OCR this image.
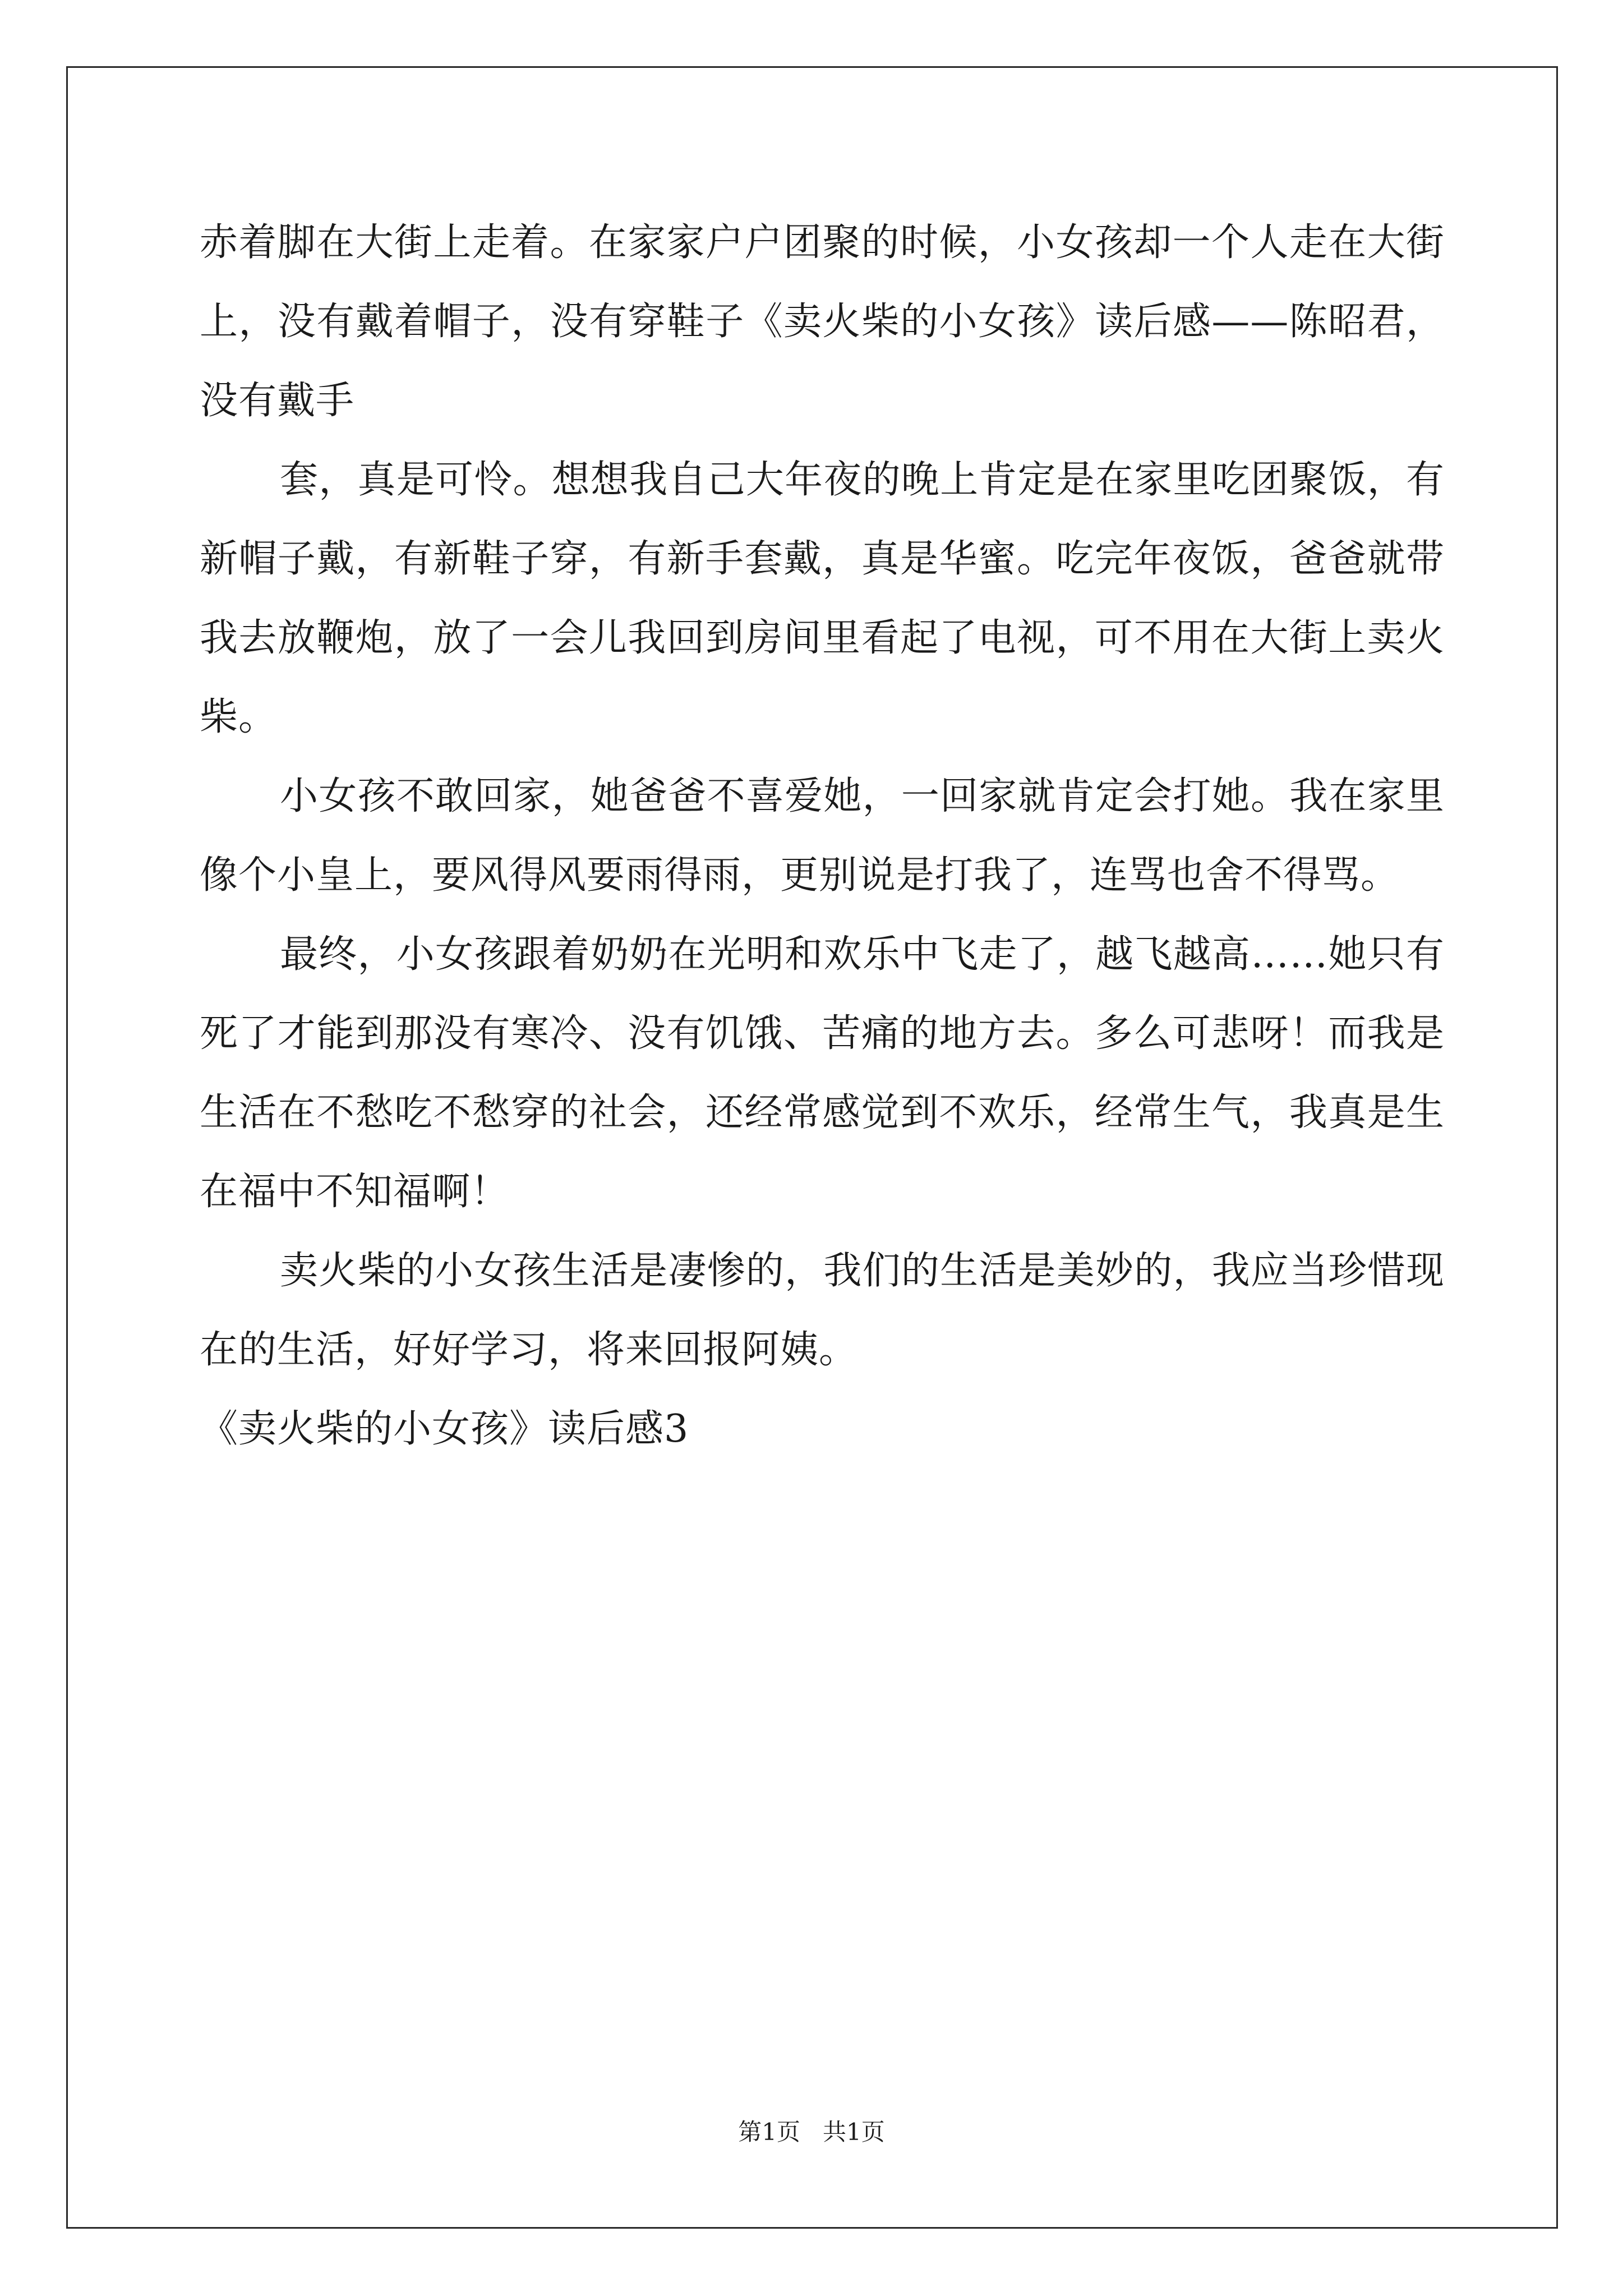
赤着脚在大街上走着。在家家户户团聚的时候，小女孩却一个人走在大街上，没有戴着帽子，没有穿鞋子《卖火柴的小女孩》读后感——陈昭君，没有戴手

套，真是可怜。想想我自己大年夜的晚上肯定是在家里吃团聚饭，有新帽子戴，有新鞋子穿，有新手套戴，真是华蜜。吃完年夜饭，爸爸就带我去放鞭炮，放了一会儿我回到房间里看起了电视，可不用在大街上卖火柴。

小女孩不敢回家，她爸爸不喜爱她，一回家就肯定会打她。我在家里像个小皇上，要风得风要雨得雨，更别说是打我了，连骂也舍不得骂。

最终，小女孩跟着奶奶在光明和欢乐中飞走了，越飞越高……她只有死了才能到那没有寒冷、没有饥饿、苦痛的地方去。多么可悲呀！而我是生活在不愁吃不愁穿的社会，还经常感觉到不欢乐，经常生气，我真是生在福中不知福啊！

卖火柴的小女孩生活是凄惨的，我们的生活是美妙的，我应当珍惜现在的生活，好好学习，将来回报阿姨。

《卖火柴的小女孩》读后感3

第1页 共1页
